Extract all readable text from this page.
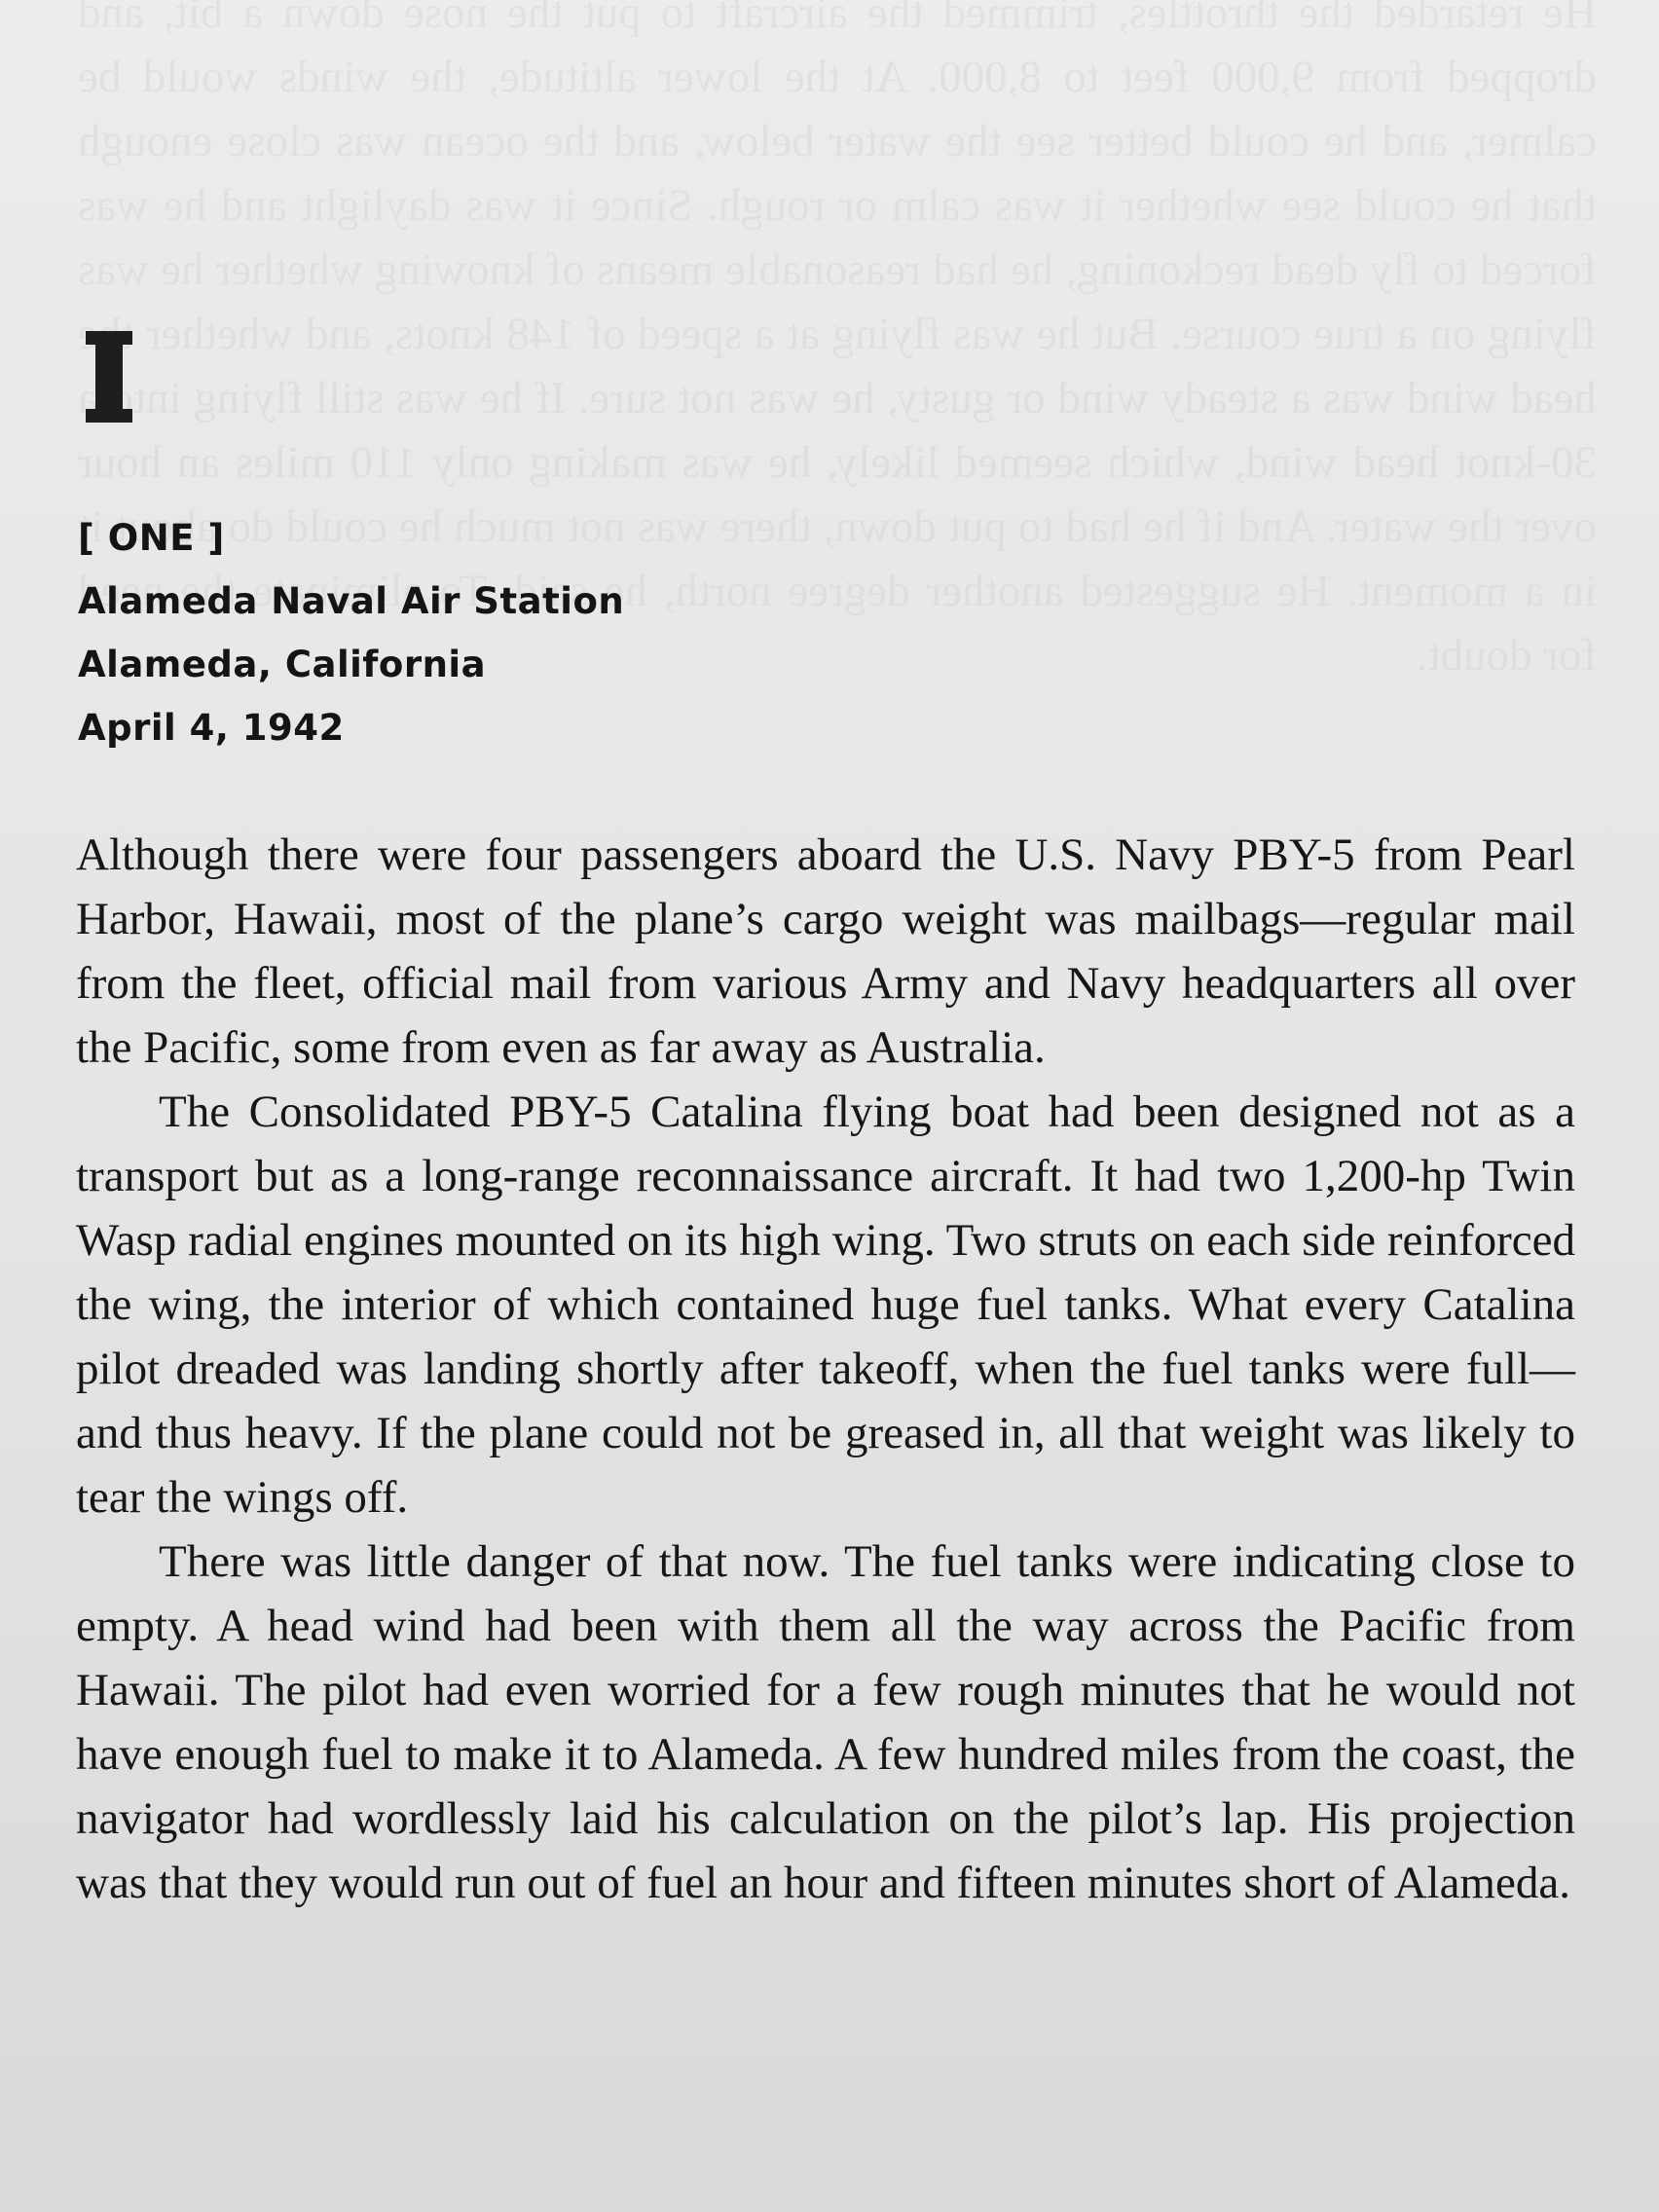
[ ONE ]
Alameda Naval Air Station
Alameda, California
April 4, 1942

Although there were four passengers aboard the U.S. Navy PBY-5 from Pearl Harbor, Hawaii, most of the plane’s cargo weight was mailbags—regular mail from the fleet, official mail from various Army and Navy headquarters all over the Pacific, some from even as far away as Australia.

The Consolidated PBY-5 Catalina flying boat had been designed not as a transport but as a long-range reconnaissance aircraft. It had two 1,200-hp Twin Wasp radial engines mounted on its high wing. Two struts on each side reinforced the wing, the interior of which contained huge fuel tanks. What every Catalina pilot dreaded was landing shortly after takeoff, when the fuel tanks were full—and thus heavy. If the plane could not be greased in, all that weight was likely to tear the wings off.

There was little danger of that now. The fuel tanks were indicating close to empty. A head wind had been with them all the way across the Pacific from Hawaii. The pilot had even worried for a few rough minutes that he would not have enough fuel to make it to Alameda. A few hundred miles from the coast, the navigator had wordlessly laid his calculation on the pilot’s lap. His projection was that they would run out of fuel an hour and fifteen minutes short of Alameda.
